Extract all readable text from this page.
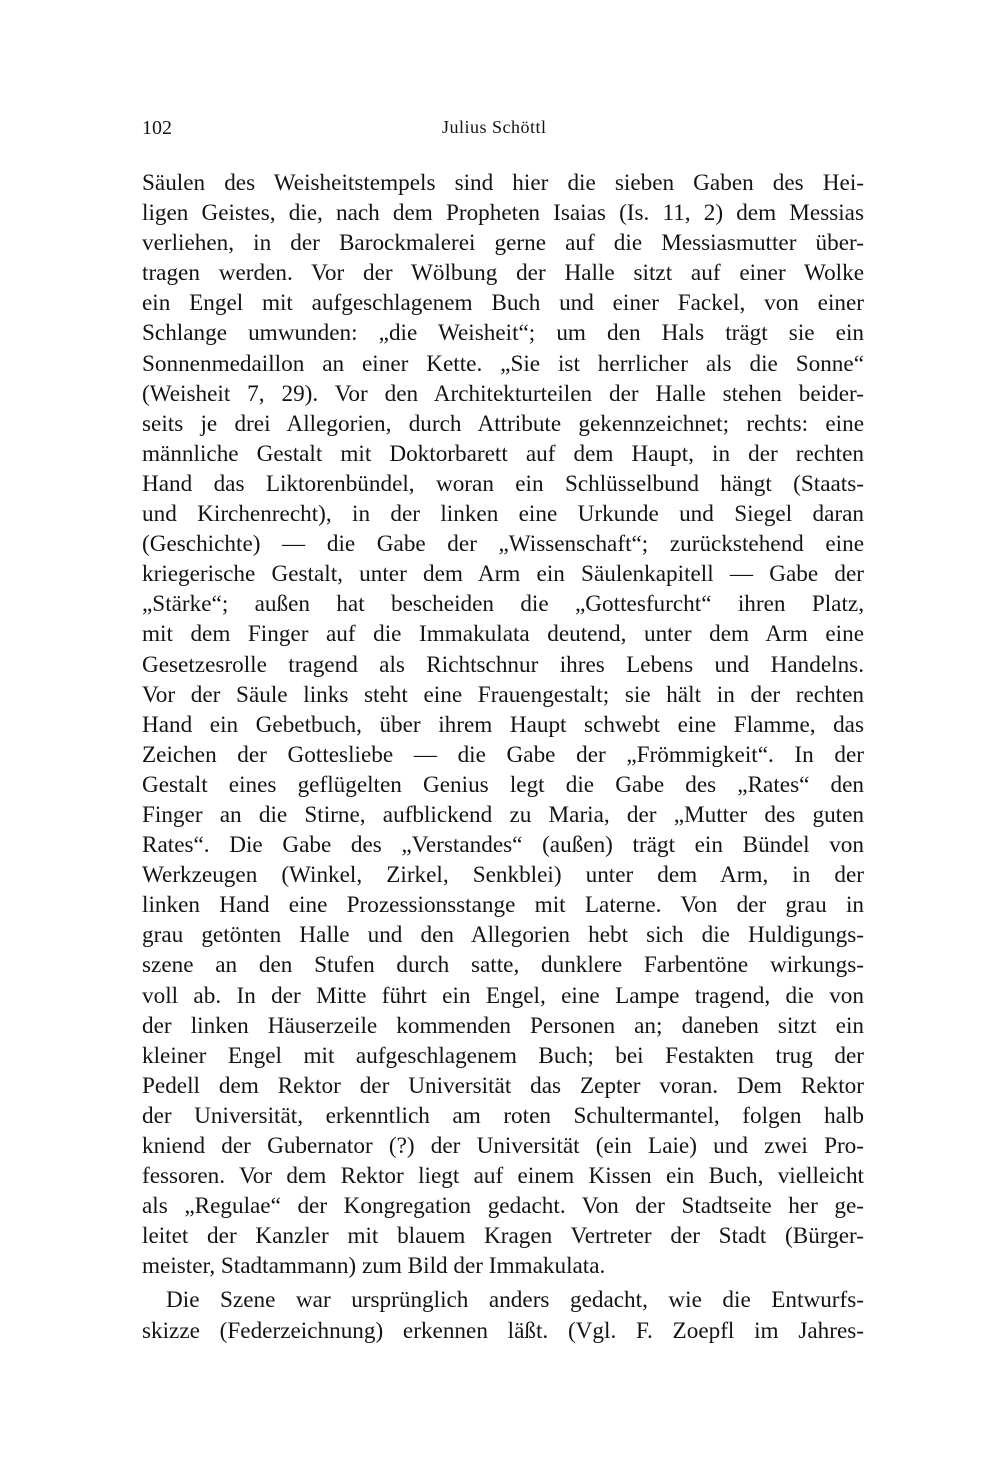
102	Julius Schöttl
Säulen des Weisheitstempels sind hier die sieben Gaben des Hei-
ligen Geistes, die, nach dem Propheten Isaias (Is. 11, 2) dem Messias
verliehen, in der Barockmalerei gerne auf die Messiasmutter über-
tragen werden. Vor der Wölbung der Halle sitzt auf einer Wolke
ein Engel mit aufgeschlagenem Buch und einer Fackel, von einer
Schlange umwunden: „die Weisheit“; um den Hals trägt sie ein
Sonnenmedaillon an einer Kette. „Sie ist herrlicher als die Sonne“
(Weisheit 7, 29). Vor den Architekturteilen der Halle stehen beider-
seits je drei Allegorien, durch Attribute gekennzeichnet; rechts: eine
männliche Gestalt mit Doktorbarett auf dem Haupt, in der rechten
Hand das Liktorenbündel, woran ein Schlüsselbund hängt (Staats-
und Kirchenrecht), in der linken eine Urkunde und Siegel daran
(Geschichte) — die Gabe der „Wissenschaft“; zurückstehend eine
kriegerische Gestalt, unter dem Arm ein Säulenkapitell — Gabe der
„Stärke“; außen hat bescheiden die „Gottesfurcht“ ihren Platz,
mit dem Finger auf die Immakulata deutend, unter dem Arm eine
Gesetzesrolle tragend als Richtschnur ihres Lebens und Handelns.
Vor der Säule links steht eine Frauengestalt; sie hält in der rechten
Hand ein Gebetbuch, über ihrem Haupt schwebt eine Flamme, das
Zeichen der Gottesliebe — die Gabe der „Frömmigkeit“. In der
Gestalt eines geflügelten Genius legt die Gabe des „Rates“ den
Finger an die Stirne, aufblickend zu Maria, der „Mutter des guten
Rates“. Die Gabe des „Verstandes“ (außen) trägt ein Bündel von
Werkzeugen (Winkel, Zirkel, Senkblei) unter dem Arm, in der
linken Hand eine Prozessionsstange mit Laterne. Von der grau in
grau getönten Halle und den Allegorien hebt sich die Huldigungs-
szene an den Stufen durch satte, dunklere Farbentöne wirkungs-
voll ab. In der Mitte führt ein Engel, eine Lampe tragend, die von
der linken Häuserzeile kommenden Personen an; daneben sitzt ein
kleiner Engel mit aufgeschlagenem Buch; bei Festakten trug der
Pedell dem Rektor der Universität das Zepter voran. Dem Rektor
der Universität, erkenntlich am roten Schultermantel, folgen halb
kniend der Gubernator (?) der Universität (ein Laie) und zwei Pro-
fessoren. Vor dem Rektor liegt auf einem Kissen ein Buch, vielleicht
als „Regulae“ der Kongregation gedacht. Von der Stadtseite her ge-
leitet der Kanzler mit blauem Kragen Vertreter der Stadt (Bürger-
meister, Stadtammann) zum Bild der Immakulata.
Die Szene war ursprünglich anders gedacht, wie die Entwurfs-
skizze (Federzeichnung) erkennen läßt. (Vgl. F. Zoepfl im Jahres-
